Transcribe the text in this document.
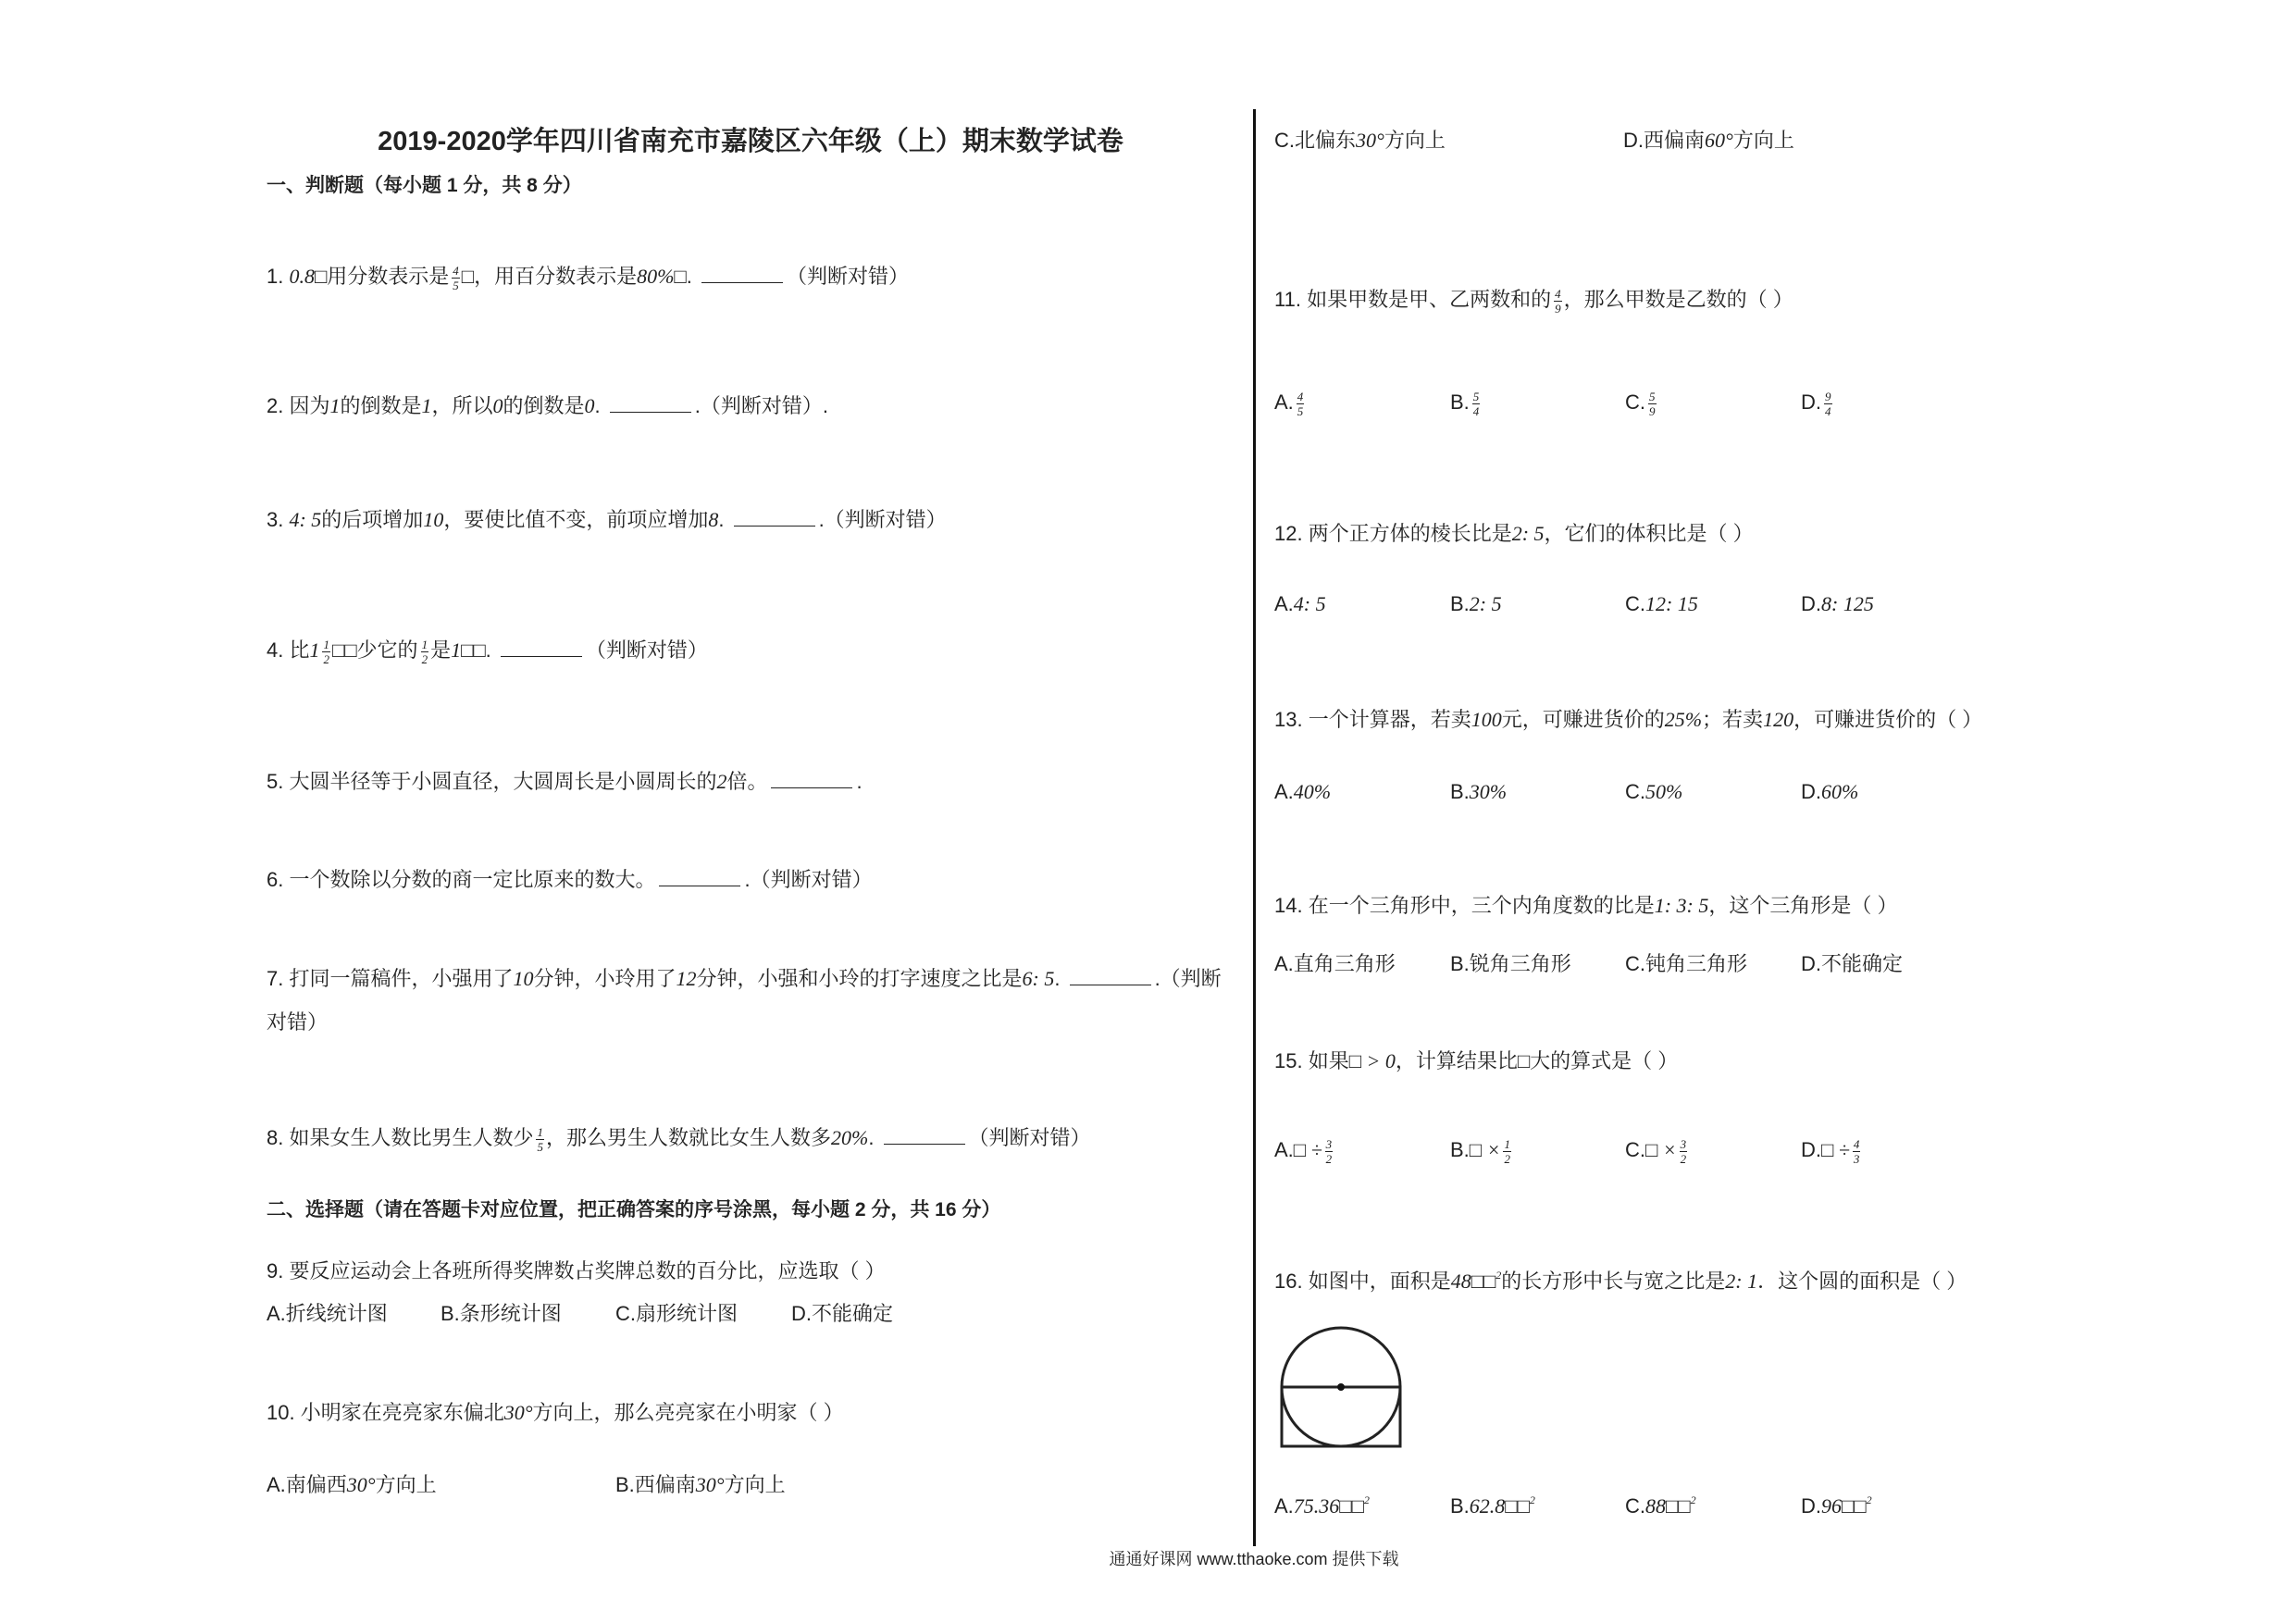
2019-2020学年四川省南充市嘉陵区六年级（上）期末数学试卷
一、判断题（每小题 1 分，共 8 分）
1. 0.8□用分数表示是 $\frac{4}{5}$ □，用百分数表示是80%□.	（判断对错）
2. 因为1的倒数是1，所以0的倒数是0.	.（判断对错）.
3. 4: 5的后项增加10，要使比值不变，前项应增加8.	.（判断对错）
4. 比$1 \frac{1}{2}$ □□少它的 $\frac{1}{2}$ 是1□□.	（判断对错）
5. 大圆半径等于小圆直径，大圆周长是小圆周长的2倍。	.
6. 一个数除以分数的商一定比原来的数大。	.（判断对错）
7. 打同一篇稿件，小强用了10分钟，小玲用了12分钟，小强和小玲的打字速度之比是6: 5.	.（判断
对错）
8. 如果女生人数比男生人数少 $\frac{1}{5}$ ，那么男生人数就比女生人数多20%.	（判断对错）
二、选择题（请在答题卡对应位置，把正确答案的序号涂黑，每小题 2 分，共 16 分）
9. 要反应运动会上各班所得奖牌数占奖牌总数的百分比，应选取（ ）
A.折线统计图	B.条形统计图	C.扇形统计图	D.不能确定
10. 小明家在亮亮家东偏北30°方向上，那么亮亮家在小明家（ ）
A.南偏西30°方向上	B.西偏南30°方向上
C.北偏东30°方向上	D.西偏南60°方向上
11. 如果甲数是甲、乙两数和的 $\frac{4}{9}$ ，那么甲数是乙数的（ ）
A. $\frac{4}{5}$	B. $\frac{5}{4}$	C. $\frac{5}{9}$	D. $\frac{9}{4}$
12. 两个正方体的棱长比是2: 5，它们的体积比是（ ）
A.4: 5	B.2: 5	C.12: 15	D.8: 125
13. 一个计算器，若卖100元，可赚进货价的25%；若卖120，可赚进货价的（ ）
A.40%	B.30%	C.50%	D.60%
14. 在一个三角形中，三个内角度数的比是1: 3: 5，这个三角形是（ ）
A.直角三角形	B.锐角三角形	C.钝角三角形	D.不能确定
15. 如果□ > 0，计算结果比□大的算式是（ ）
A.□ ÷ $\frac{3}{2}$	B.□ × $\frac{1}{2}$	C.□ × $\frac{3}{2}$	D.□ ÷ $\frac{4}{3}$
16. 如图中，面积是48□□$^2$的长方形中长与宽之比是2: 1．这个圆的面积是（ ）
A.75.36□□$^2$	B.62.8□□$^2$	C.88□□$^2$	D.96□□$^2$
通通好课网 www.tthaoke.com 提供下载
